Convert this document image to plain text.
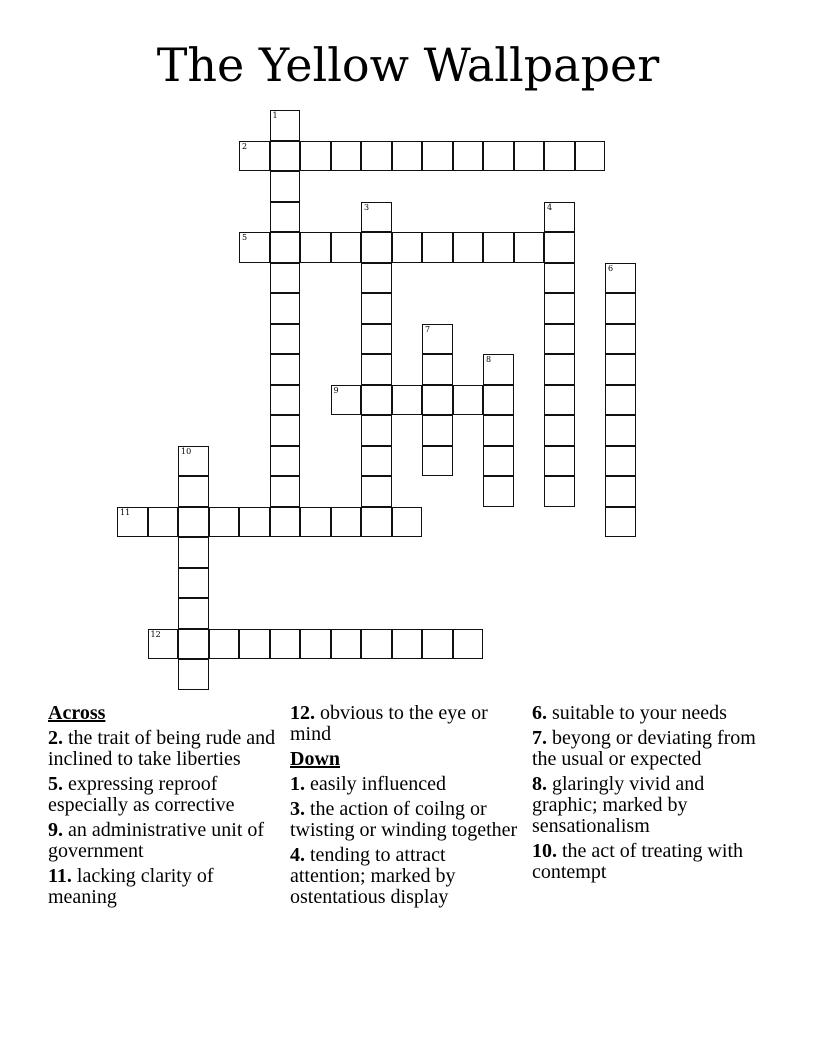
The Yellow Wallpaper
1
2
3	4
5
6
7
8
9
10
11
12
Across
2. the trait of being rude and inclined to take liberties
5. expressing reproof especially as corrective
9. an administrative unit of government
11. lacking clarity of meaning
12. obvious to the eye or mind
Down
1. easily influenced
3. the action of coilng or twisting or winding together
4. tending to attract attention; marked by ostentatious display
6. suitable to your needs
7. beyong or deviating from the usual or expected
8. glaringly vivid and graphic; marked by sensationalism
10. the act of treating with contempt
